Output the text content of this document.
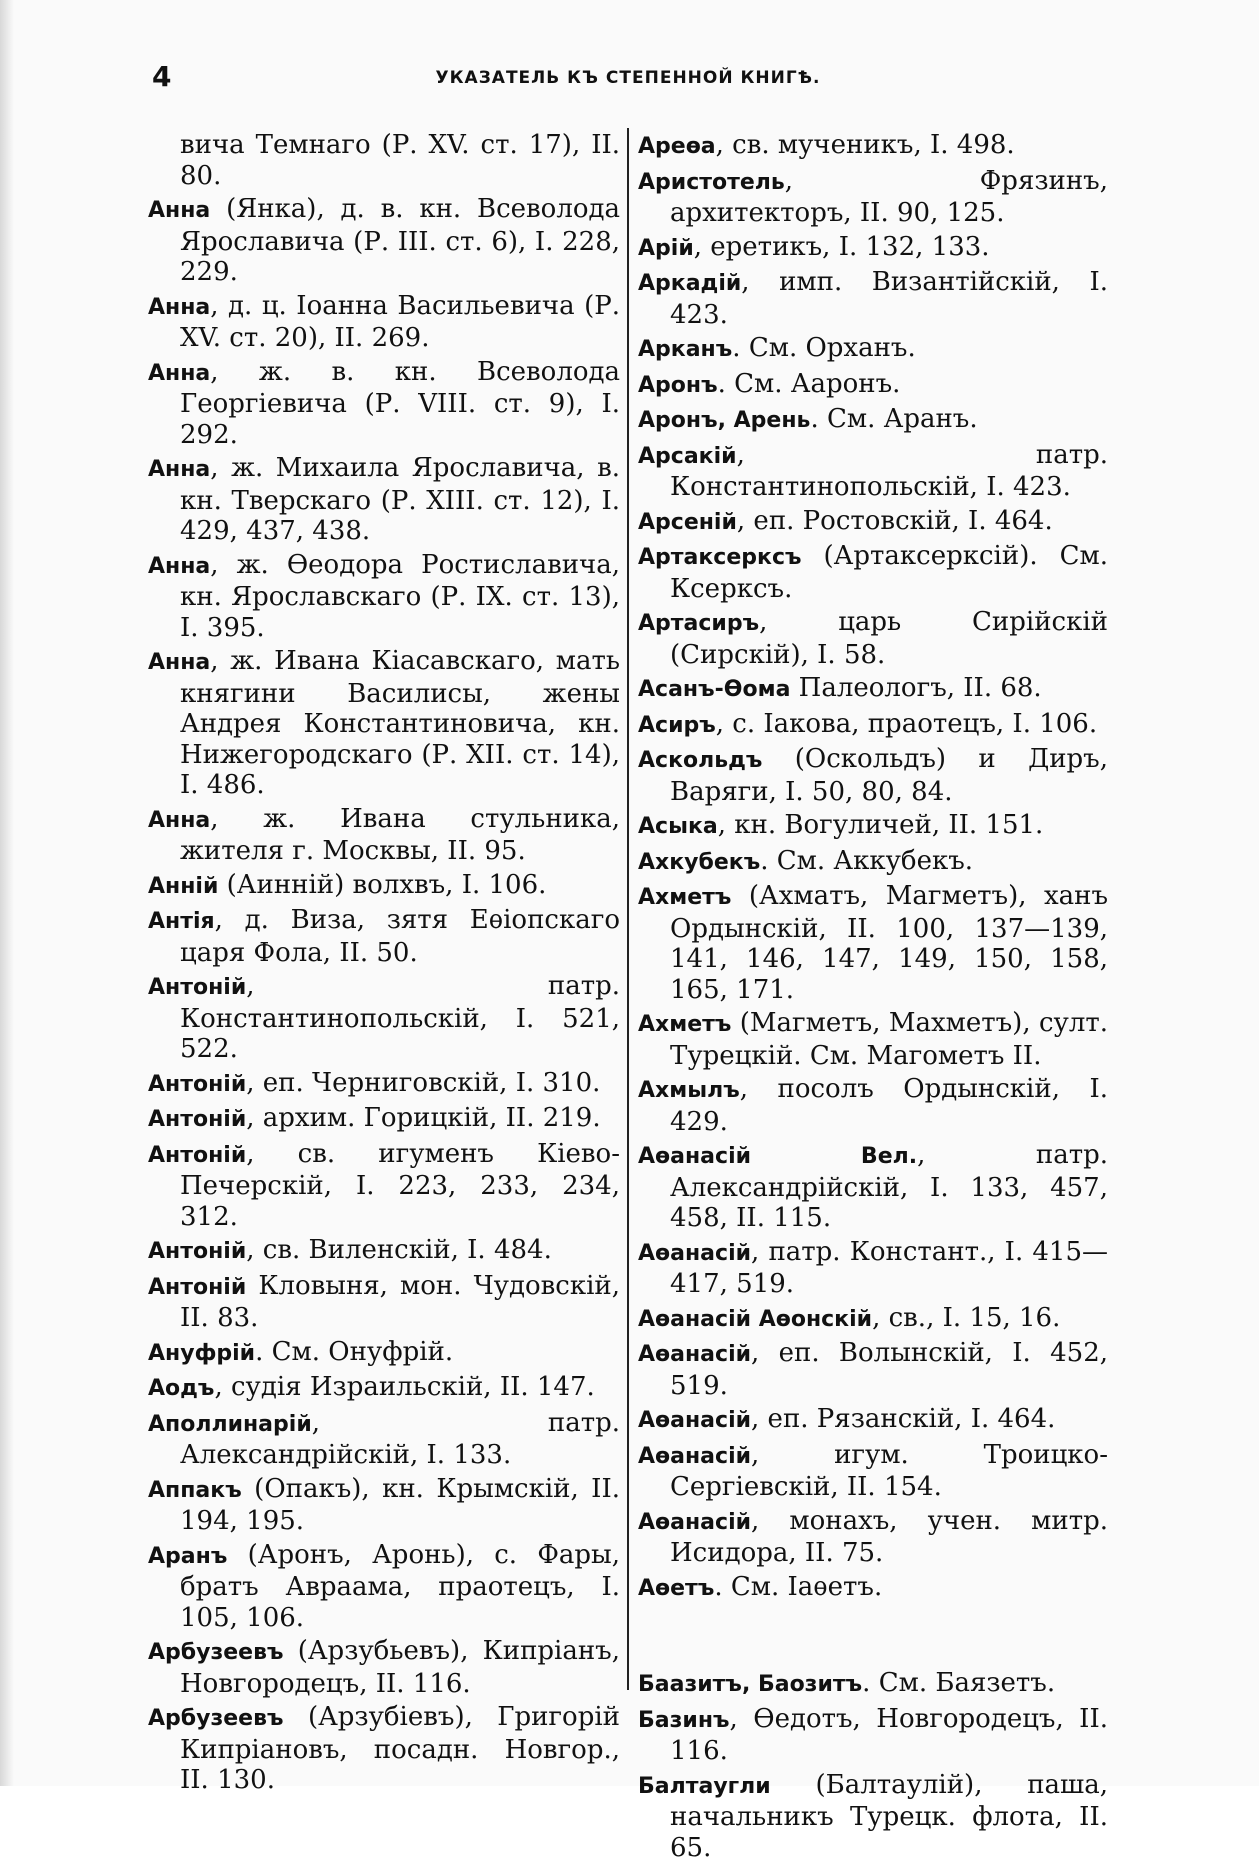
4	УКАЗАТЕЛЬ КЪ СТЕПЕННОЙ КНИГѢ.

вича Темнаго (Р. XV. ст. 17), II. 80.

Анна (Янка), д. в. кн. Всеволода Ярославича (Р. III. ст. 6), I. 228, 229.

Анна, д. ц. Іоанна Васильевича (Р. XV. ст. 20), II. 269.

Анна, ж. в. кн. Всеволода Георгіевича (Р. VIII. ст. 9), I. 292.

Анна, ж. Михаила Ярославича, в. кн. Тверскаго (Р. XIII. ст. 12), I. 429, 437, 438.

Анна, ж. Өеодора Ростиславича, кн. Ярославскаго (Р. IX. ст. 13), I. 395.

Анна, ж. Ивана Кіасавскаго, мать княгини Василисы, жены Андрея Константиновича, кн. Нижегородскаго (Р. XII. ст. 14), I. 486.

Анна, ж. Ивана стульника, жителя г. Москвы, II. 95.

Анній (Аинній) волхвъ, I. 106.

Антія, д. Виза, зятя Еѳіопскаго царя Фола, II. 50.

Антоній, патр. Константинопольскій, I. 521, 522.

Антоній, еп. Черниговскій, I. 310.

Антоній, архим. Горицкій, II. 219.

Антоній, св. игуменъ Кіево-Печерскій, I. 223, 233, 234, 312.

Антоній, св. Виленскій, I. 484.

Антоній Кловыня, мон. Чудовскій, II. 83.

Ануфрій. См. Онуфрій.

Аодъ, судія Израильскій, II. 147.

Аполлинарій, патр. Александрійскій, I. 133.

Аппакъ (Опакъ), кн. Крымскій, II. 194, 195.

Аранъ (Аронъ, Аронь), с. Фары, братъ Авраама, праотецъ, I. 105, 106.

Арбузеевъ (Арзубьевъ), Кипріанъ, Новгородецъ, II. 116.

Арбузеевъ (Арзубіевъ), Григорій Кипріановъ, посадн. Новгор., II. 130.

Ареѳа, св. мученикъ, I. 498.

Аристотель, Фрязинъ, архитекторъ, II. 90, 125.

Арій, еретикъ, I. 132, 133.

Аркадій, имп. Византійскій, I. 423.

Арканъ. См. Орханъ.

Аронъ. См. Ааронъ.

Аронъ, Арень. См. Аранъ.

Арсакій, патр. Константинопольскій, I. 423.

Арсеній, еп. Ростовскій, I. 464.

Артаксерксъ (Артаксерксій). См. Ксерксъ.

Артасиръ, царь Сирійскій (Сирскій), I. 58.

Асанъ-Ѳома Палеологъ, II. 68.

Асиръ, с. Іакова, праотецъ, I. 106.

Аскольдъ (Оскольдъ) и Диръ, Варяги, I. 50, 80, 84.

Асыка, кн. Вогуличей, II. 151.

Ахкубекъ. См. Аккубекъ.

Ахметъ (Ахматъ, Магметъ), ханъ Ордынскій, II. 100, 137—139, 141, 146, 147, 149, 150, 158, 165, 171.

Ахметъ (Магметъ, Махметъ), султ. Турецкій. См. Магометъ II.

Ахмылъ, посолъ Ордынскій, I. 429.

Аѳанасій Вел., патр. Александрійскій, I. 133, 457, 458, II. 115.

Аѳанасій, патр. Констант., I. 415—417, 519.

Аѳанасій Аѳонскій, св., I. 15, 16.

Аѳанасій, еп. Волынскій, I. 452, 519.

Аѳанасій, еп. Рязанскій, I. 464.

Аѳанасій, игум. Троицко-Сергіевскій, II. 154.

Аѳанасій, монахъ, учен. митр. Исидора, II. 75.

Аѳетъ. См. Іаѳетъ.

Баазитъ, Баозитъ. См. Баязетъ.

Базинъ, Ѳедотъ, Новгородецъ, II. 116.

Балтаугли (Балтаулій), паша, начальникъ Турецк. флота, II. 65.
